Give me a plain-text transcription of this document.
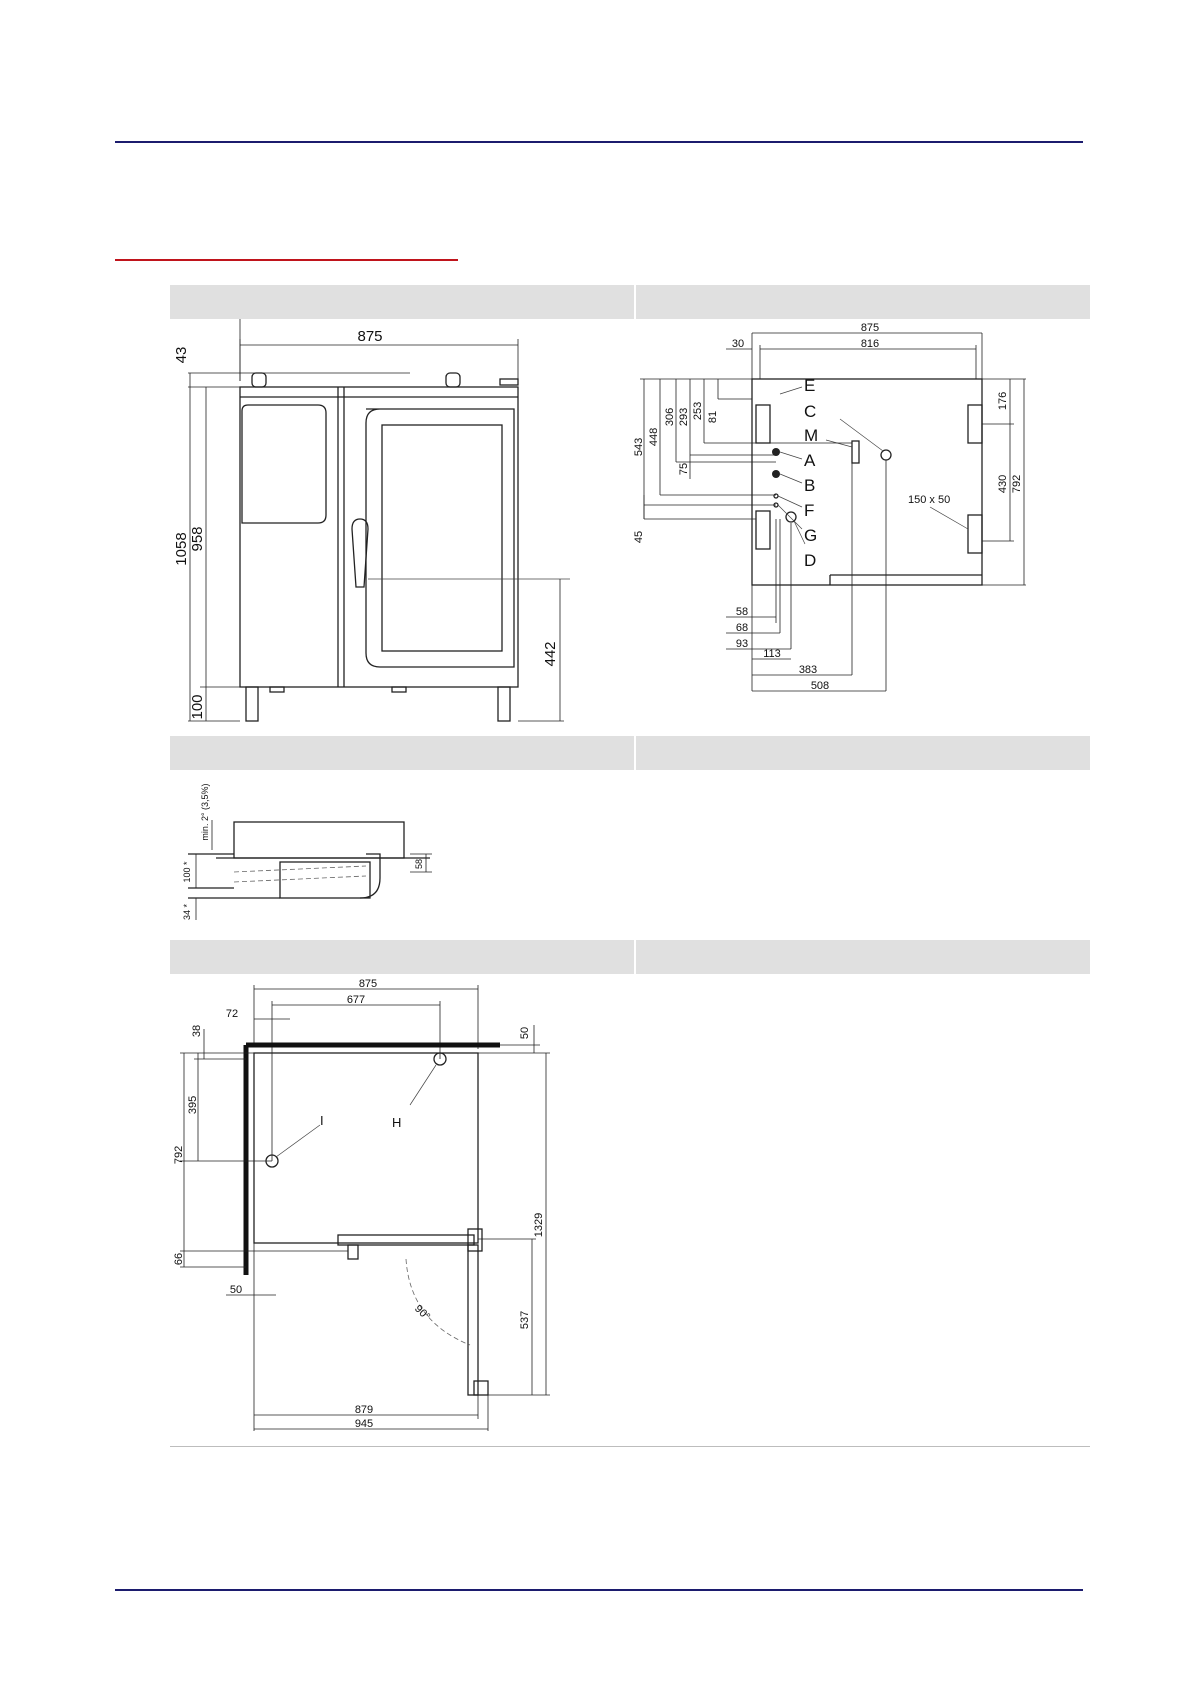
875
43
1058 958
100
442
875
816
30
E
C
M
A
B
F
G
D
176
430 792
150 x 50
543
448
306 293 253 81
75
45
58
68
93
113
383
508
min. 2° (3,5%)
100 *
34 *
58
875
677
72
H
I
90°
38
395
792
66
50
50
1329
537
879
945
